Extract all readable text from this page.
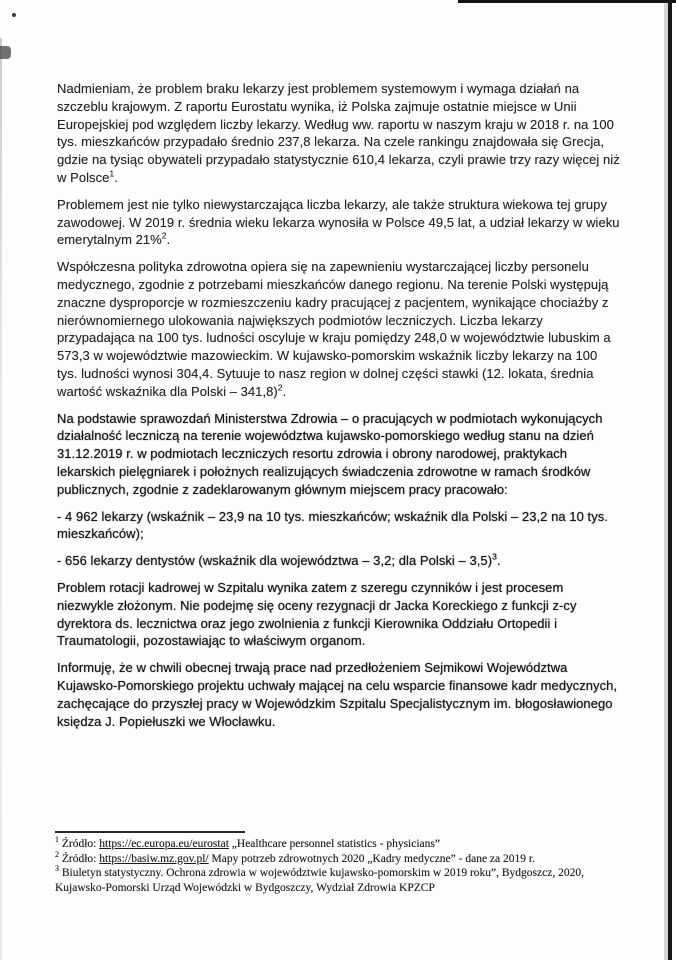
Nadmieniam, że problem braku lekarzy jest problemem systemowym i wymaga działań na szczeblu krajowym. Z raportu Eurostatu wynika, iż Polska zajmuje ostatnie miejsce w Unii Europejskiej pod względem liczby lekarzy. Według ww. raportu w naszym kraju w 2018 r. na 100 tys. mieszkańców przypadało średnio 237,8 lekarza. Na czele rankingu znajdowała się Grecja, gdzie na tysiąc obywateli przypadało statystycznie 610,4 lekarza, czyli prawie trzy razy więcej niż w Polsce$^1$.

Problemem jest nie tylko niewystarczająca liczba lekarzy, ale także struktura wiekowa tej grupy zawodowej. W 2019 r. średnia wieku lekarza wynosiła w Polsce 49,5 lat, a udział lekarzy w wieku emerytalnym 21%$^2$.

Współczesna polityka zdrowotna opiera się na zapewnieniu wystarczającej liczby personelu medycznego, zgodnie z potrzebami mieszkańców danego regionu. Na terenie Polski występują znaczne dysproporcje w rozmieszczeniu kadry pracującej z pacjentem, wynikające chociażby z nierównomiernego ulokowania największych podmiotów leczniczych. Liczba lekarzy przypadająca na 100 tys. ludności oscyluje w kraju pomiędzy 248,0 w województwie lubuskim a 573,3 w województwie mazowieckim. W kujawsko-pomorskim wskaźnik liczby lekarzy na 100 tys. ludności wynosi 304,4. Sytuuje to nasz region w dolnej części stawki (12. lokata, średnia wartość wskaźnika dla Polski – 341,8)$^2$.

Na podstawie sprawozdań Ministerstwa Zdrowia – o pracujących w podmiotach wykonujących działalność leczniczą na terenie województwa kujawsko-pomorskiego według stanu na dzień 31.12.2019 r. w podmiotach leczniczych resortu zdrowia i obrony narodowej, praktykach lekarskich pielęgniarek i położnych realizujących świadczenia zdrowotne w ramach środków publicznych, zgodnie z zadeklarowanym głównym miejscem pracy pracowało:

- 4 962 lekarzy (wskaźnik – 23,9 na 10 tys. mieszkańców; wskaźnik dla Polski – 23,2 na 10 tys. mieszkańców);

- 656 lekarzy dentystów (wskaźnik dla województwa – 3,2; dla Polski – 3,5)$^3$.

Problem rotacji kadrowej w Szpitalu wynika zatem z szeregu czynników i jest procesem niezwykle złożonym. Nie podejmę się oceny rezygnacji dr Jacka Koreckiego z funkcji z-cy dyrektora ds. lecznictwa oraz jego zwolnienia z funkcji Kierownika Oddziału Ortopedii i Traumatologii, pozostawiając to właściwym organom.

Informuję, że w chwili obecnej trwają prace nad przedłożeniem Sejmikowi Województwa Kujawsko-Pomorskiego projektu uchwały mającej na celu wsparcie finansowe kadr medycznych, zachęcające do przyszłej pracy w Wojewódzkim Szpitalu Specjalistycznym im. błogosławionego księdza J. Popiełuszki we Włocławku.

$^1$ Źródło: https://ec.europa.eu/eurostat „Healthcare personnel statistics - physicians”
$^2$ Źródło: https://basiw.mz.gov.pl/ Mapy potrzeb zdrowotnych 2020 „Kadry medyczne” - dane za 2019 r.
$^3$ Biuletyn statystyczny. Ochrona zdrowia w województwie kujawsko-pomorskim w 2019 roku”, Bydgoszcz, 2020, Kujawsko-Pomorski Urząd Wojewódzki w Bydgoszczy, Wydział Zdrowia KPZCP
